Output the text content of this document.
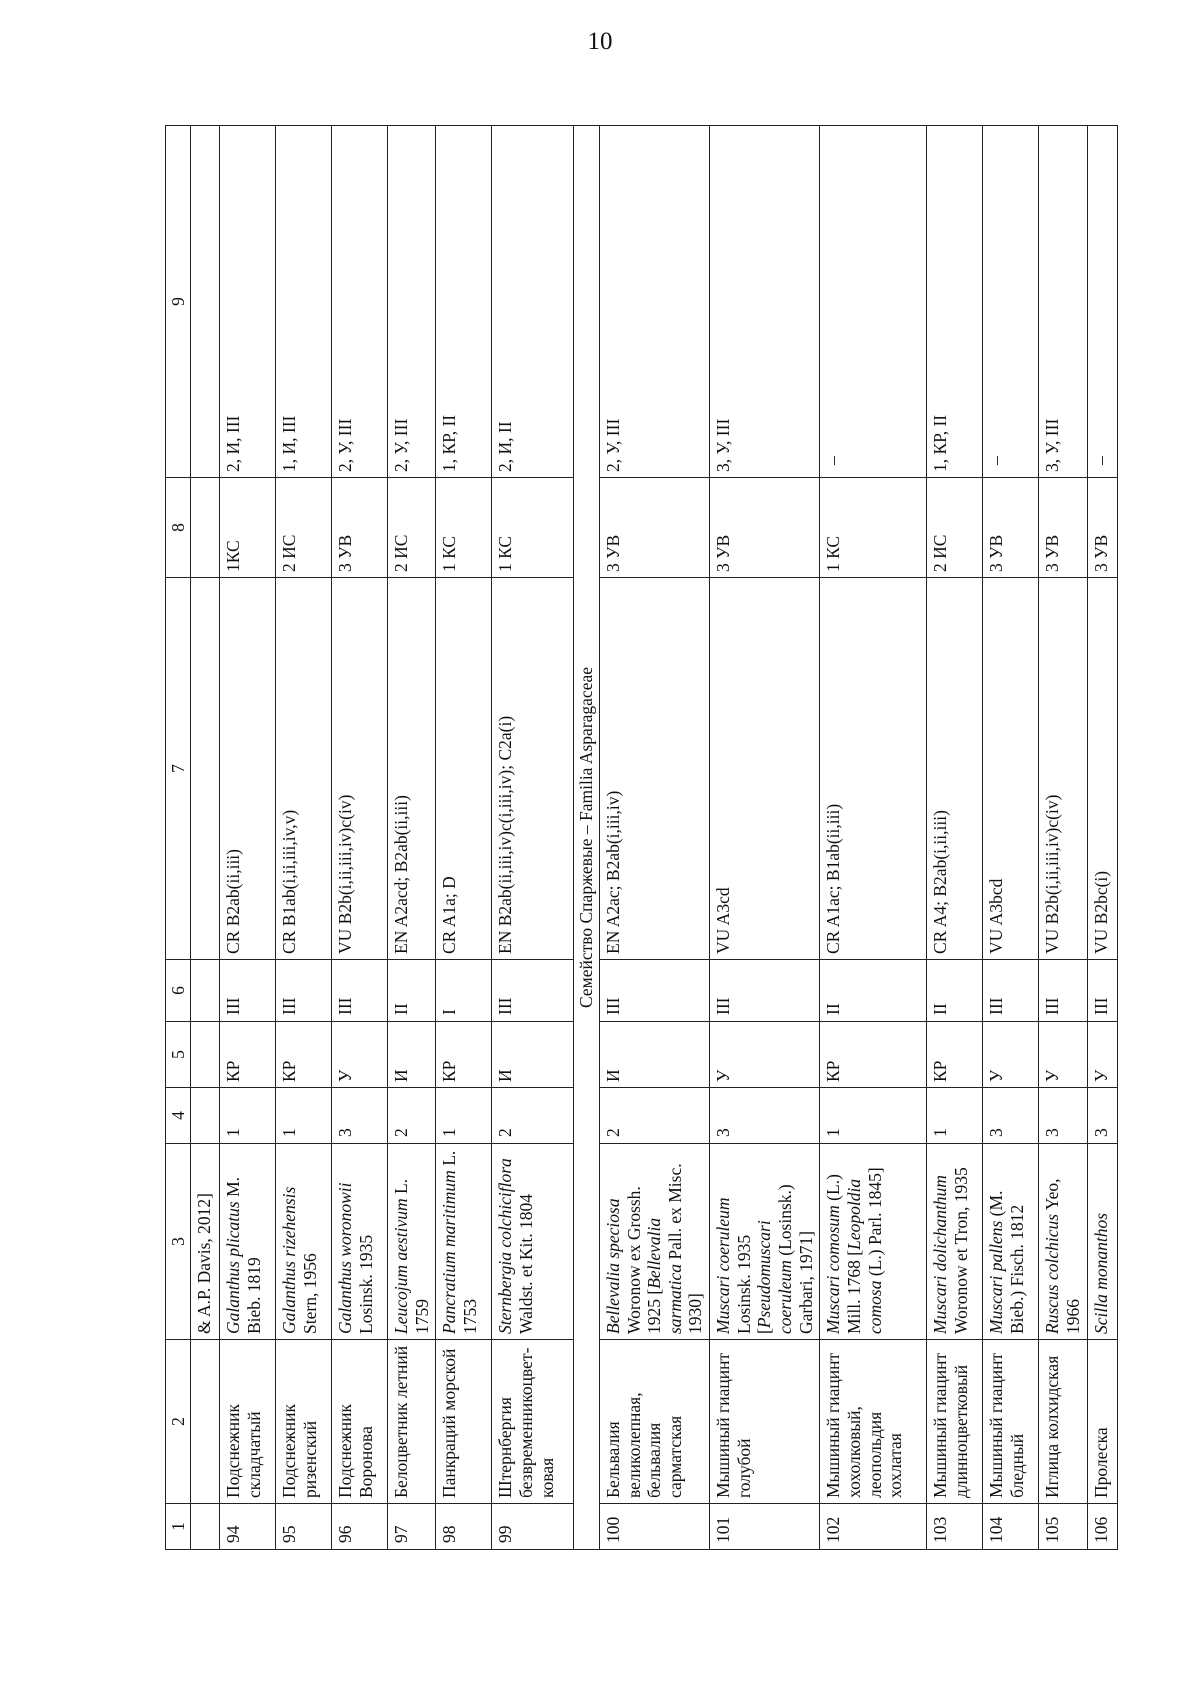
10
1	2	3	4	5	6	7	8	9
		& A.P. Davis, 2012]						
94	Подснежник складчатый	Galanthus plicatus M. Bieb. 1819	1	КР	III	CR B2ab(ii,iii)	1КС	2, И, III
95	Подснежник ризенский	Galanthus rizehensis Stern, 1956	1	КР	III	CR B1ab(i,ii,iii,iv,v)	2 ИС	1, И, III
96	Подснежник Воронова	Galanthus woronowii Losinsk. 1935	3	У	III	VU B2b(i,ii,iii,iv)c(iv)	3 УВ	2, У, III
97	Белоцветник летний	Leucojum aestivum L. 1759	2	И	II	EN A2acd; B2ab(ii,iii)	2 ИС	2, У, III
98	Панкраций морской	Pancratium maritimum L. 1753	1	КР	I	CR A1a; D	1 КС	1, КР, II
99	Штернбергия безвременникоцвет-ковая	Sternbergia colchiciflora Waldst. et Kit. 1804	2	И	III	EN B2ab(ii,iii,iv)c(i,iii,iv); C2a(i)	1 КС	2, И, II
Семейство Спаржевые – Familia Asparagaceae								
100	Бельвалия великолепная, бельвалия сарматская	Bellevalia speciosa Woronow ex Grossh. 1925 [Bellevalia sarmatica Pall. ex Misc. 1930]	2	И	III	EN A2ac; B2ab(i,iii,iv)	3 УВ	2, У, III
101	Мышиный гиацинт голубой	Muscari coeruleum Losinsk. 1935 [Pseudomuscari coeruleum (Losinsk.) Garbari, 1971]	3	У	III	VU A3cd	3 УВ	3, У, III
102	Мышиный гиацинт хохолковый, леопольдия хохлатая	Muscari comosum (L.) Mill. 1768 [Leopoldia comosa (L.) Parl. 1845]	1	КР	II	CR A1ac; B1ab(ii,iii)	1 КС	–
103	Мышиный гиацинт длинноцветковый	Muscari dolichanthum Woronow et Tron, 1935	1	КР	II	CR A4; B2ab(i,ii,iii)	2 ИС	1, КР, II
104	Мышиный гиацинт бледный	Muscari pallens (M. Bieb.) Fisch. 1812	3	У	III	VU A3bcd	3 УВ	–
105	Иглица колхидская	Ruscus colchicus Yeo, 1966	3	У	III	VU B2b(i,ii,iii,iv)c(iv)	3 УВ	3, У, III
106	Пролеска	Scilla monanthos	3	У	III	VU B2bc(i)	3 УВ	–
